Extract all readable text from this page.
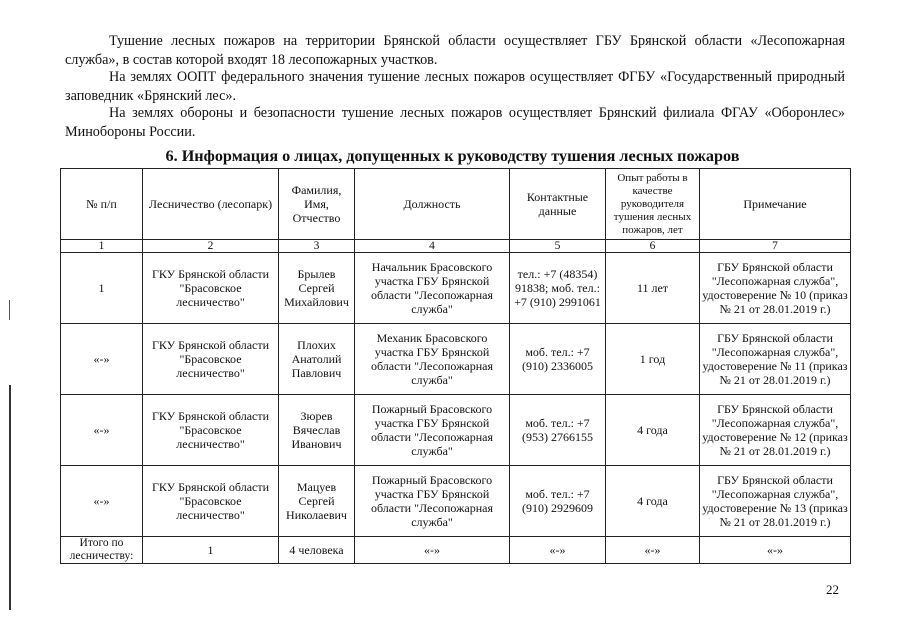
Тушение лесных пожаров на территории Брянской области осуществляет ГБУ Брянской области «Лесопожарная служба», в состав которой входят 18 лесопожарных участков.

На землях ООПТ федерального значения тушение лесных пожаров осуществляет ФГБУ «Государственный природный заповедник «Брянский лес».

На землях обороны и безопасности тушение лесных пожаров осуществляет Брянский филиала ФГАУ «Оборонлес» Минобороны России.

6. Информация о лицах, допущенных к руководству тушения лесных пожаров
№ п/п	Лесничество (лесопарк)	Фамилия, Имя, Отчество	Должность	Контактные данные	Опыт работы в качестве руководителя тушения лесных пожаров, лет	Примечание
1	2	3	4	5	6	7
1	ГКУ Брянской области "Брасовское лесничество"	Брылев Сергей Михайлович	Начальник Брасовского участка ГБУ Брянской области "Лесопожарная служба"	тел.: +7 (48354) 91838; моб. тел.: +7 (910) 2991061	11 лет	ГБУ Брянской области "Лесопожарная служба", удостоверение № 10 (приказ № 21 от 28.01.2019 г.)
«-»	ГКУ Брянской области "Брасовское лесничество"	Плохих Анатолий Павлович	Механик Брасовского участка ГБУ Брянской области "Лесопожарная служба"	моб. тел.: +7 (910) 2336005	1 год	ГБУ Брянской области "Лесопожарная служба", удостоверение № 11 (приказ № 21 от 28.01.2019 г.)
«-»	ГКУ Брянской области "Брасовское лесничество"	Зюрев Вячеслав Иванович	Пожарный Брасовского участка ГБУ Брянской области "Лесопожарная служба"	моб. тел.: +7 (953) 2766155	4 года	ГБУ Брянской области "Лесопожарная служба", удостоверение № 12 (приказ № 21 от 28.01.2019 г.)
«-»	ГКУ Брянской области "Брасовское лесничество"	Мацуев Сергей Николаевич	Пожарный Брасовского участка ГБУ Брянской области "Лесопожарная служба"	моб. тел.: +7 (910) 2929609	4 года	ГБУ Брянской области "Лесопожарная служба", удостоверение № 13 (приказ № 21 от 28.01.2019 г.)
Итого по лесничеству:	1	4 человека	«-»	«-»	«-»	«-»
22
